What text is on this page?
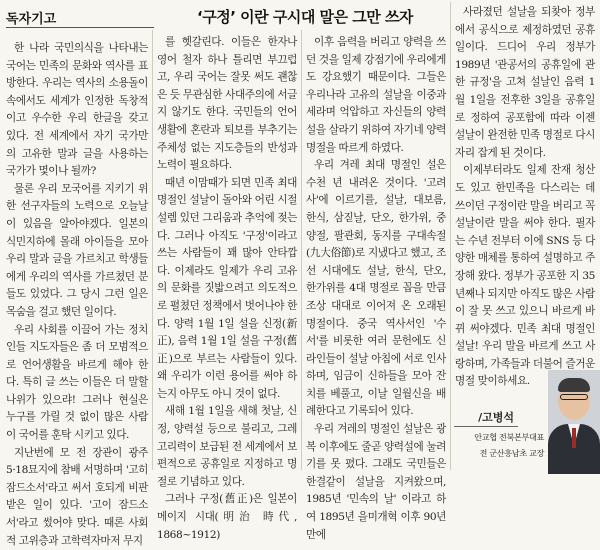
독자기고	‘구정’ 이란 구시대 말은 그만 쓰자

한 나라 국민의식을 나타내는 국어는 민족의 문화와 역사를 표방한다. 우리는 역사의 소용돌이 속에서도 세계가 인정한 독창적이고 우수한 우리 한글을 갖고 있다. 전 세계에서 자기 국가만의 고유한 말과 글을 사용하는 국가가 몇이나 될까?

물론 우리 모국어를 지키기 위한 선구자들의 노력으로 오늘날이 있음을 알아야겠다. 일본의 식민지하에 몰래 아이들을 모아 우리 말과 글을 가르치고 학생들에게 우리의 역사를 가르쳤던 분들도 있었다. 그 당시 그런 일은 목숨을 걸고 했던 일이다.

우리 사회를 이끌어 가는 정치인들 지도자들은 좀 더 모범적으로 언어생활을 바르게 해야 한다. 특히 글 쓰는 이들은 더 말할 나위가 있으랴! 그러나 현실은 누구를 가릴 것 없이 많은 사람이 국어를 훈탁 시키고 있다.

지난번에 모 전 장관이 광주 5·18묘지에 참배 서명하며 '고히 잠드소서'라고 써서 호되게 비판받은 일이 있다. '고이 잠드소서'라고 썼어야 맞다. 때론 사회적 고위층과 고학력자마저 무지

를 헷갈린다. 이들은 한자나 영어 철자 하나 틀리면 부끄럽고, 우리 국어는 잘못 써도 괜찮은 듯 무관심한 사대주의에 서글지 않기도 한다. 국민들의 언어생활에 혼란과 퇴보를 부추기는 주체성 없는 지도층들의 반성과 노력이 필요하다.

때년 이맘때가 되면 민족 최대 명절인 설날이 돌아와 어린 시절 설렘 있던 그리움과 추억에 젖는다. 그러나 아직도 '구정'이라고 쓰는 사람들이 꽤 많아 안타깝다. 이제라도 일제가 우리 고유의 문화를 짓밟으려고 의도적으로 펼쳤던 정책에서 벗어나야 한다. 양력 1월 1일 설을 신정(新正), 음력 1월 1일 설을 구정(舊正)으로 부르는 사람들이 있다. 왜 우리가 이런 용어를 써야 하는지 아무도 아니 것이 없다.

새해 1월 1일을 새해 첫날, 신정, 양력설 등으로 불리고, 그레고리력이 보급된 전 세계에서 보편적으로 공휴일로 지정하고 명절로 기념하고 있다.

그러나 구정(舊正)은 일본이 메이지 시대(明治 時代, 1868~1912)

이후 음력을 버리고 양력을 쓰던 것을 일제 강점기에 우리에게도 강요했기 때문이다. 그들은 우리나라 고유의 설날을 이중과세라며 억압하고 자신들의 양력 설을 살라기 위하여 자기네 양력 명절을 따르게 하였다.

우리 겨레 최대 명절인 설은 수천 년 내려온 것이다. '고려사'에 이르기를, 설날, 대보름, 한식, 삼짇날, 단오, 한가위, 중양절, 팔관회, 동지를 구대속절(九大俗節)로 지냈다고 했고, 조선 시대에도 설날, 한식, 단오, 한가위를 4대 명절로 꼽을 만큼 조상 대대로 이어져 온 오래된 명절이다. 중국 역사서인 '수서'를 비롯한 여러 문헌에도 신라인들이 설날 아침에 서로 인사하며, 임금이 신하들을 모아 잔치를 베풀고, 이날 일월신을 배례한다고 기록되어 있다.

우리 겨레의 명절인 설날은 광복 이후에도 줄곧 양력설에 눌려 기를 못 폈다. 그래도 국민들은 한결같이 설날을 지켜왔으며, 1985년 '민속의 날' 이라고 하여 1895년 을미개혁 이후 90년 만에

사라졌던 설날을 되찾아 정부에서 공식으로 제정하였던 공휴일이다. 드디어 우리 정부가 1989년 '관공서의 공휴일에 관한 규정'을 고쳐 설날인 음력 1월 1일을 전후한 3일을 공휴일로 정하여 공포함에 따라 이젠 설날이 완전한 민족 명절로 다시 자리 잡게 된 것이다.

이제부터라도 일제 잔재 청산도 있고 한민족을 다스리는 데 쓰이던 구정이란 말을 버리고 꼭 설날이란 말을 써야 한다. 필자는 수년 전부터 이에 SNS 등 다양한 매체를 통하여 설명하고 주장해 왔다. 정부가 공포한 지 35년째나 되지만 아직도 많은 사람이 잘 못 쓰고 있으니 바르게 바뀌 써야겠다. 민족 최대 명절인 설날! 우리 말을 바르게 쓰고 사랑하며, 가족들과 더불어 즐거운 명절 맞이하세요.

/고병석
안교협 전북본부대표
전 군산흥남초 교장
